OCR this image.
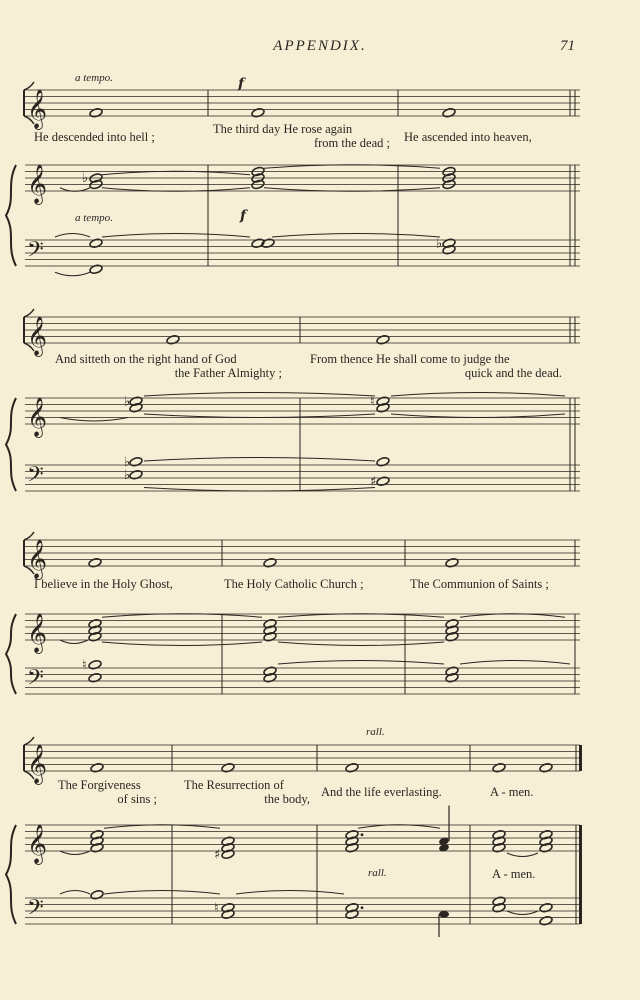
APPENDIX.	71
a tempo.	f
He descended into hell ;
The third day He rose again
from the dead ; He ascended into heaven,
a tempo.	f
And sitteth on the right hand of God
the Father Almighty ;
From thence He shall come to judge the
quick and the dead.
I believe in the Holy Ghost,	The Holy Catholic Church ;	The Communion of Saints ;
rall.
The Forgiveness
of sins ;
The Resurrection of
the body, And the life everlasting.	A - men.
rall.	A - men.
𝄞
𝄞
𝄢
♭
♭
𝄞
𝄞
𝄢
♭	♮
♭
♭	♯
𝄞
𝄞
𝄢
♮
𝄞
𝄞
𝄢
♯
♮
